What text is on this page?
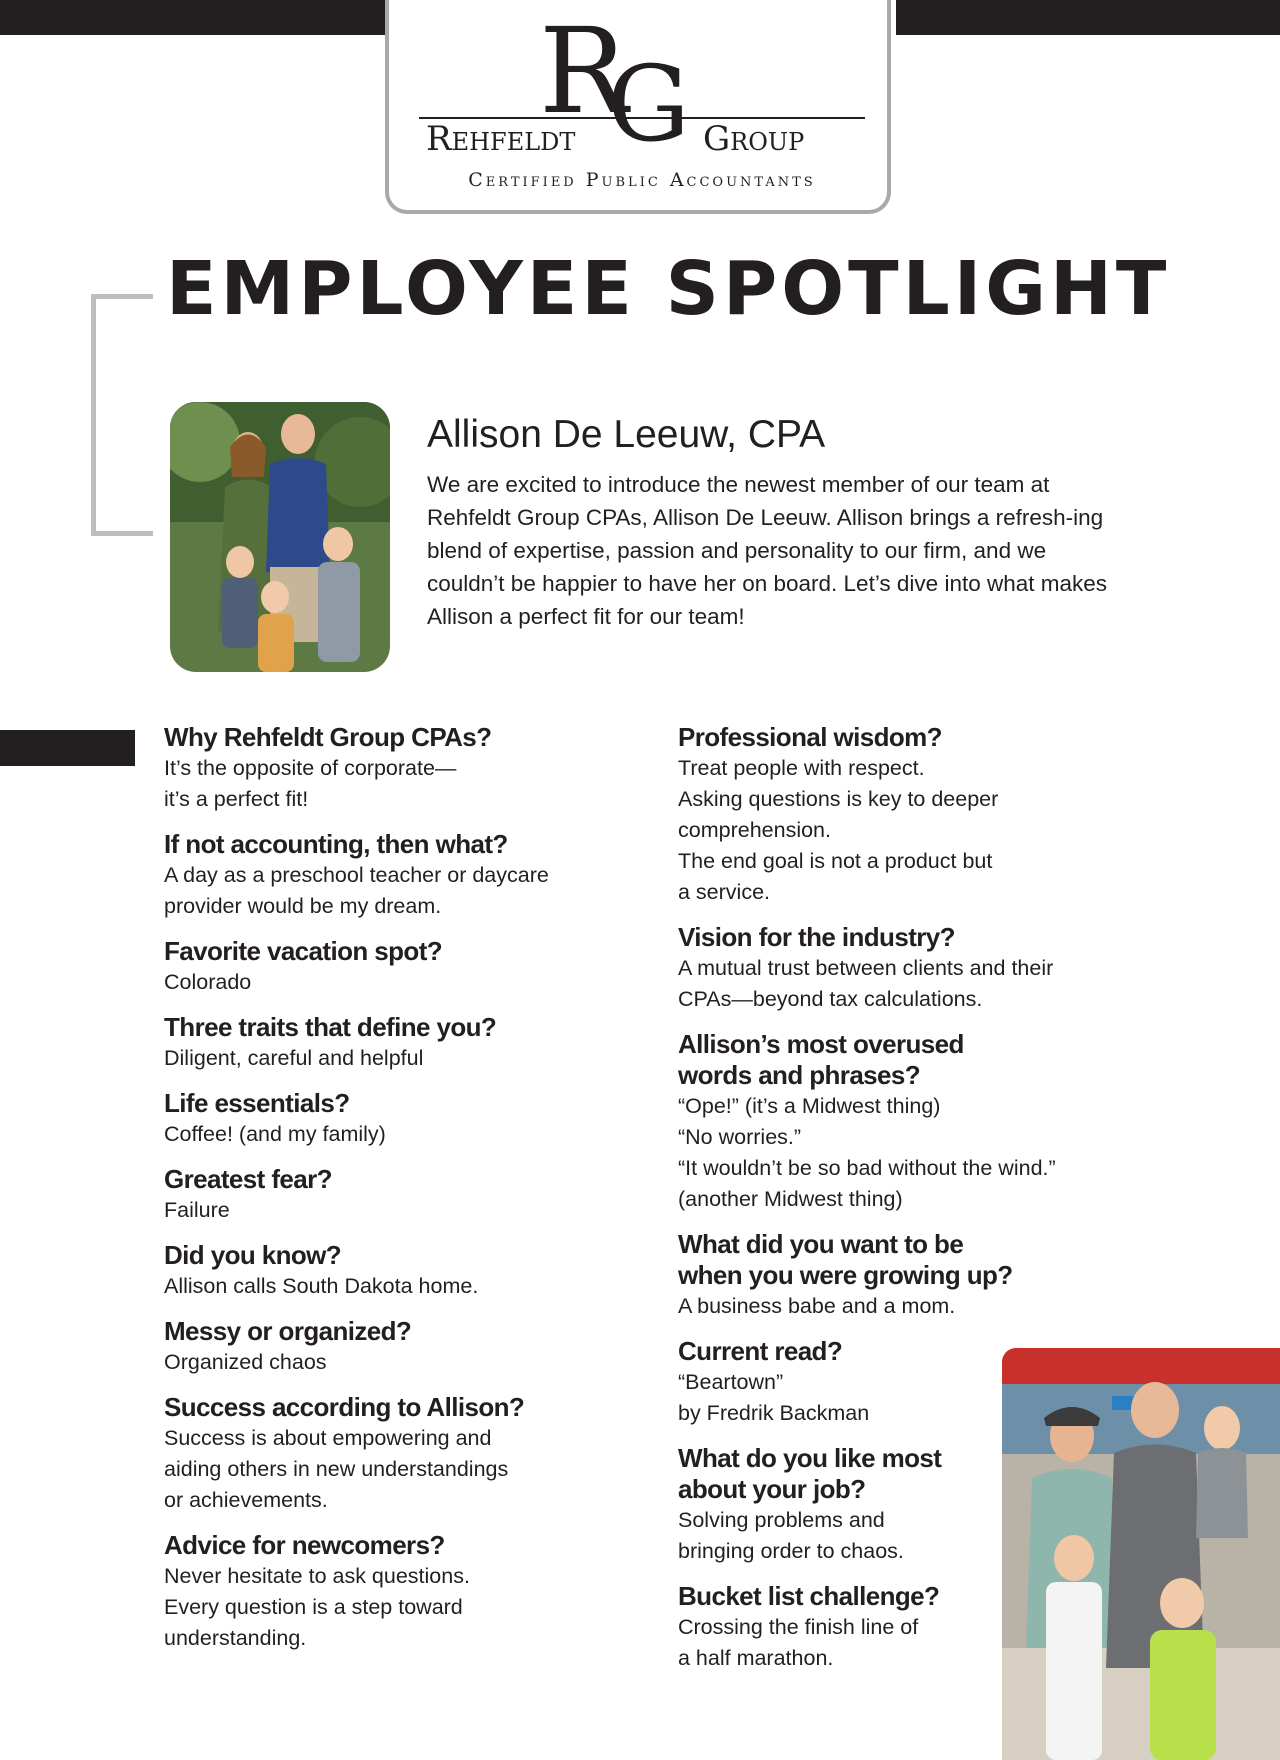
R
G
Rehfeldt	Group
Certified Public Accountants
EMPLOYEE SPOTLIGHT
Allison De Leeuw, CPA

We are excited to introduce the newest member of our team at Rehfeldt Group CPAs, Allison De Leeuw. Allison brings a refresh-ing blend of expertise, passion and personality to our firm, and we couldn’t be happier to have her on board. Let’s dive into what makes Allison a perfect fit for our team!

Why Rehfeldt Group CPAs?

It’s the opposite of corporate—
it’s a perfect fit!

If not accounting, then what?

A day as a preschool teacher or daycare
provider would be my dream.

Favorite vacation spot?

Colorado

Three traits that define you?

Diligent, careful and helpful

Life essentials?

Coffee! (and my family)

Greatest fear?

Failure

Did you know?

Allison calls South Dakota home.

Messy or organized?

Organized chaos

Success according to Allison?

Success is about empowering and
aiding others in new understandings
or achievements.

Advice for newcomers?

Never hesitate to ask questions.
Every question is a step toward
understanding.

Professional wisdom?

Treat people with respect.
Asking questions is key to deeper
comprehension.
The end goal is not a product but
a service.

Vision for the industry?

A mutual trust between clients and their
CPAs—beyond tax calculations.

Allison’s most overused
words and phrases?

“Ope!” (it’s a Midwest thing)
“No worries.”
“It wouldn’t be so bad without the wind.”
(another Midwest thing)

What did you want to be
when you were growing up?

A business babe and a mom.

Current read?

“Beartown”
by Fredrik Backman

What do you like most
about your job?

Solving problems and
bringing order to chaos.

Bucket list challenge?

Crossing the finish line of
a half marathon.
